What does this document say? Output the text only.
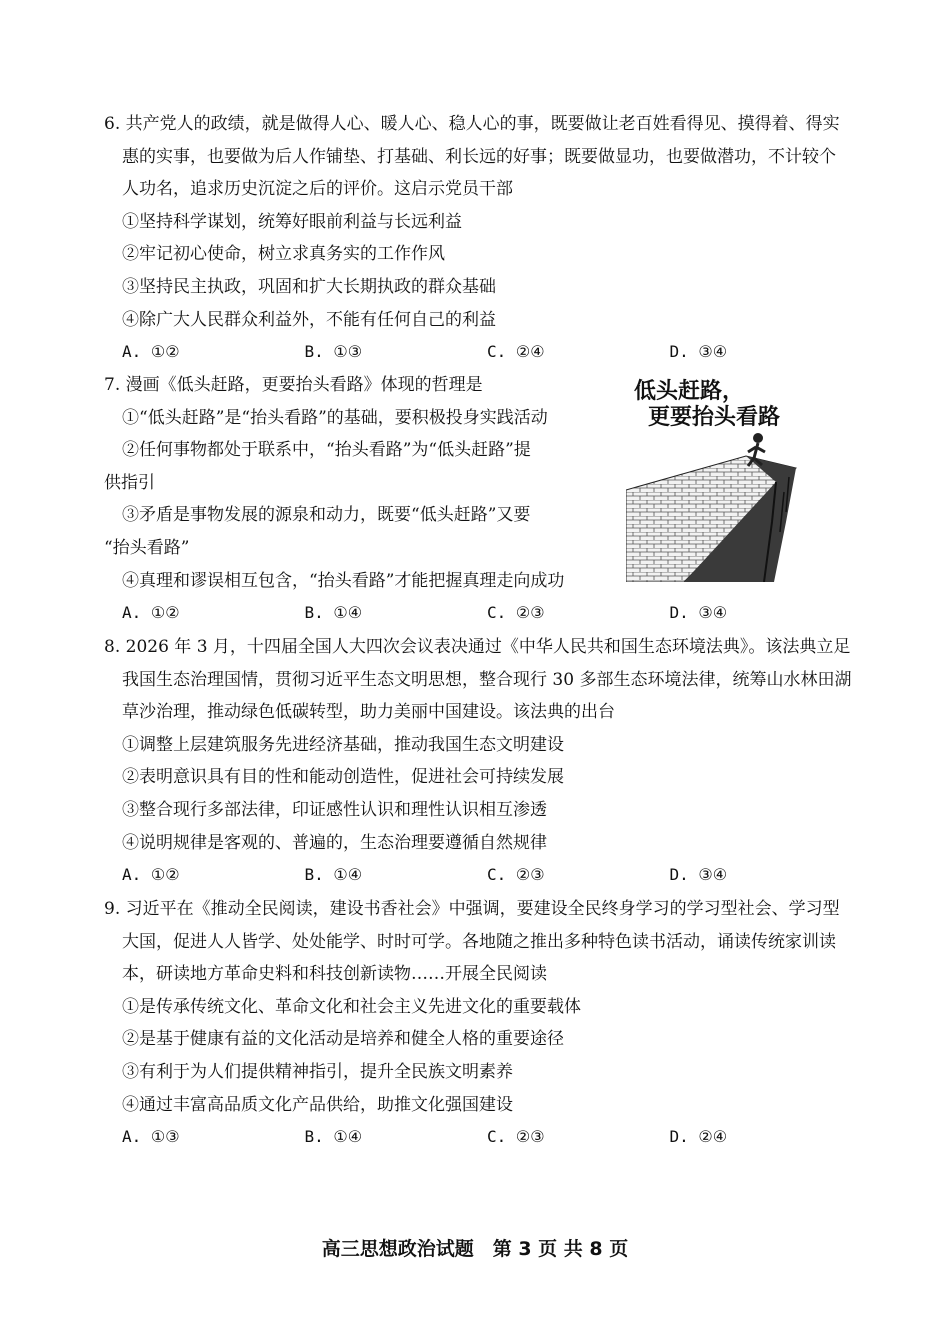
6. 共产党人的政绩，就是做得人心、暖人心、稳人心的事，既要做让老百姓看得见、摸得着、得实惠的实事，也要做为后人作铺垫、打基础、利长远的好事；既要做显功，也要做潜功，不计较个人功名，追求历史沉淀之后的评价。这启示党员干部

①坚持科学谋划，统筹好眼前利益与长远利益

②牢记初心使命，树立求真务实的工作作风

③坚持民主执政，巩固和扩大长期执政的群众基础

④除广大人民群众利益外，不能有任何自己的利益

A. ①②	B. ①③	C. ②④	D. ③④

7. 漫画《低头赶路，更要抬头看路》体现的哲理是

①“低头赶路”是“抬头看路”的基础，要积极投身实践活动

②任何事物都处于联系中，“抬头看路”为“低头赶路”提

供指引

③矛盾是事物发展的源泉和动力，既要“低头赶路”又要

“抬头看路”

④真理和谬误相互包含，“抬头看路”才能把握真理走向成功

A. ①②	B. ①④	C. ②③	D. ③④
低头赶路，
更要抬头看路

8. 2026 年 3 月，十四届全国人大四次会议表决通过《中华人民共和国生态环境法典》。该法典立足我国生态治理国情，贯彻习近平生态文明思想，整合现行 30 多部生态环境法律，统筹山水林田湖草沙治理，推动绿色低碳转型，助力美丽中国建设。该法典的出台

①调整上层建筑服务先进经济基础，推动我国生态文明建设

②表明意识具有目的性和能动创造性，促进社会可持续发展

③整合现行多部法律，印证感性认识和理性认识相互渗透

④说明规律是客观的、普遍的，生态治理要遵循自然规律

A. ①②	B. ①④	C. ②③	D. ③④

9. 习近平在《推动全民阅读，建设书香社会》中强调，要建设全民终身学习的学习型社会、学习型大国，促进人人皆学、处处能学、时时可学。各地随之推出多种特色读书活动，诵读传统家训读本，研读地方革命史料和科技创新读物……开展全民阅读

①是传承传统文化、革命文化和社会主义先进文化的重要载体

②是基于健康有益的文化活动是培养和健全人格的重要途径

③有利于为人们提供精神指引，提升全民族文明素养

④通过丰富高品质文化产品供给，助推文化强国建设

A. ①③	B. ①④	C. ②③	D. ②④
高三思想政治试题　第 3 页 共 8 页
